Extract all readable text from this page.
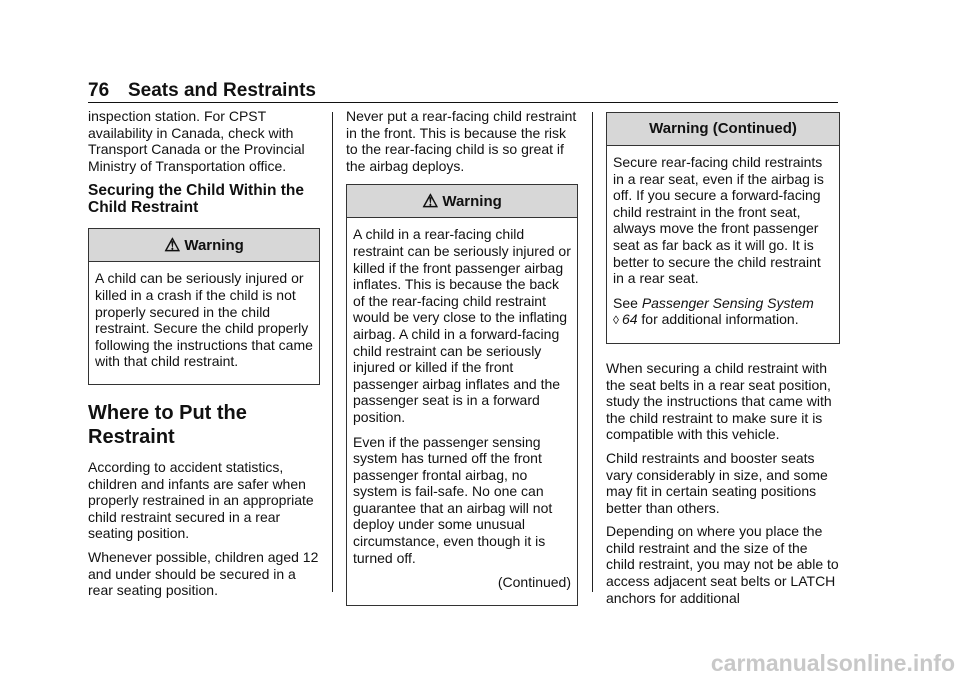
76 Seats and Restraints

inspection station. For CPST availability in Canada, check with Transport Canada or the Provincial Ministry of Transportation office.

Securing the Child Within the Child Restraint
⚠ Warning

A child can be seriously injured or killed in a crash if the child is not properly secured in the child restraint. Secure the child properly following the instructions that came with that child restraint.

Where to Put the Restraint

According to accident statistics, children and infants are safer when properly restrained in an appropriate child restraint secured in a rear seating position.

Whenever possible, children aged 12 and under should be secured in a rear seating position.

Never put a rear-facing child restraint in the front. This is because the risk to the rear-facing child is so great if the airbag deploys.

⚠ Warning

A child in a rear-facing child restraint can be seriously injured or killed if the front passenger airbag inflates. This is because the back of the rear-facing child restraint would be very close to the inflating airbag. A child in a forward-facing child restraint can be seriously injured or killed if the front passenger airbag inflates and the passenger seat is in a forward position.

Even if the passenger sensing system has turned off the front passenger frontal airbag, no system is fail-safe. No one can guarantee that an airbag will not deploy under some unusual circumstance, even though it is turned off.

(Continued)

Warning (Continued)

Secure rear-facing child restraints in a rear seat, even if the airbag is off. If you secure a forward-facing child restraint in the front seat, always move the front passenger seat as far back as it will go. It is better to secure the child restraint in a rear seat.

See Passenger Sensing System
◊ 64 for additional information.

When securing a child restraint with the seat belts in a rear seat position, study the instructions that came with the child restraint to make sure it is compatible with this vehicle.

Child restraints and booster seats vary considerably in size, and some may fit in certain seating positions better than others.

Depending on where you place the child restraint and the size of the child restraint, you may not be able to access adjacent seat belts or LATCH anchors for additional

carmanualsonline.info
